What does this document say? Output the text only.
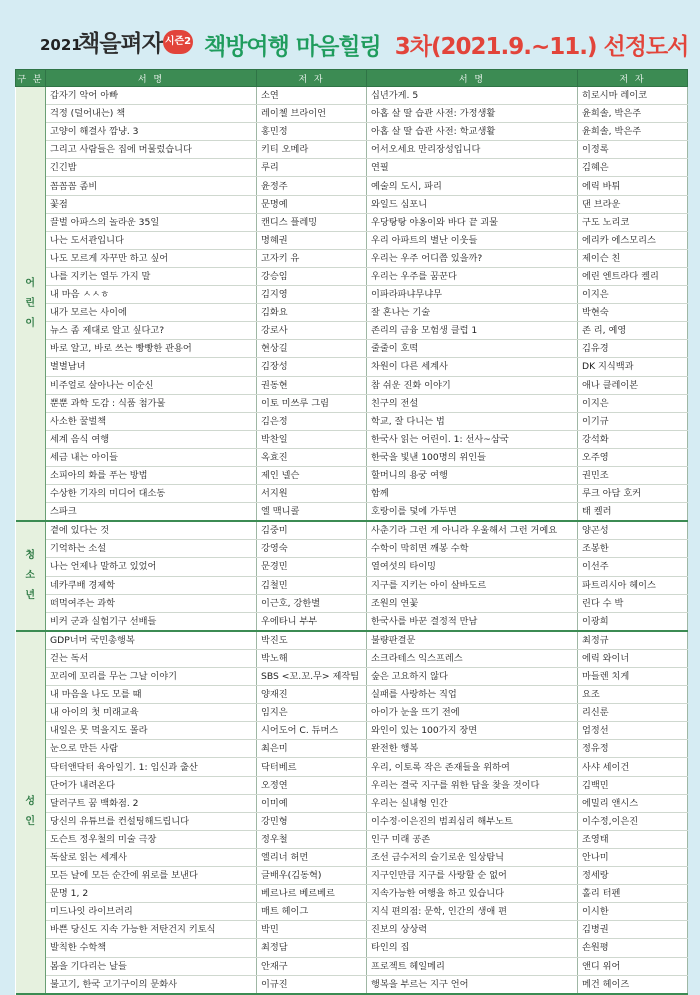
2021
책을펴자 시즌2 책방여행 마음힐링 3차(2021.9.~11.) 선정도서
구 분	서 명	저 자	서 명	저 자
어
린
이	갑자기 악어 아빠	소연	십년가게. 5	히로시마 레이코
	걱정 (덜어내는) 책	레이첼 브라이언	아홉 살 딸 습관 사전: 가정생활	윤희솔, 박은주
	고양이 해결사 깜냥. 3	홍민정	아홉 살 딸 습관 사전: 학교생활	윤희솔, 박은주
	그리고 사람들은 집에 머물렀습니다	키티 오메라	어서오세요 만리장성입니다	이정록
	긴긴밤	루리	연필	김혜은
	꼼꼼꼼 좀비	윤정주	예술의 도시, 파리	에릭 바튀
	꽃점	문명예	와일드 심포니	댄 브라운
	끌벌 아파스의 놀라운 35일	캔디스 플레밍	우당탕탕 야옹이와 바다 끝 괴물	구도 노리코
	나는 도서관입니다	명혜권	우리 아파트의 별난 이웃들	에리카 에스모리스
	나도 모르게 자꾸만 하고 싶어	고자키 유	우리는 우주 어디쯤 있을까?	제이슨 친
	나를 지키는 열두 가지 말	강승임	우리는 우주를 꿈꾼다	에린 엔트라다 켈리
	내 마음 ㅅㅅㅎ	김지영	이파라파냐무냐무	이지은
	내가 모르는 사이에	김화요	잘 혼나는 기술	박현숙
	뉴스 좀 제대로 알고 싶다고?	강로사	존리의 금융 모험생 클럽 1	존 리, 예영
	바로 알고, 바로 쓰는 빵빵한 관용어	현상길	줄줄이 호떡	김유경
	별별남녀	김장성	차원이 다른 세계사	DK 지식백과
	비주얼로 살아나는 이순신	권동현	참 쉬운 진화 이야기	애나 클레이본
	뿐뿐 과학 도감 : 식품 첨가물	이토 미쓰루 그림	친구의 전설	이지은
	사소한 꿀벌책	김은정	학교, 잘 다니는 법	이기규
	세계 음식 여행	박찬일	한국사 읽는 어린이. 1: 선사~삼국	강석화
	세금 내는 아이들	옥효진	한국을 빛낸 100명의 위인들	오주영
	소피아의 화를 푸는 방법	제인 넬슨	할머니의 용궁 여행	권민조
	수상한 기자의 미디어 대소동	서지원	함께	루크 아담 호커
	스파크	엘 맥니콜	호랑이를 덫에 가두면	태 켈러
청
소
년	곁에 있다는 것	김중미	사춘기라 그런 게 아니라 우울해서 그런 거예요	양곤성
	기억하는 소설	강영숙	수학이 막히면 깨봉 수학	조봉한
	나는 언제나 말하고 있었어	문경민	열여섯의 타이밍	이선주
	네카쿠배 경제학	김철민	지구를 지키는 아이 살바도르	파트리시아 헤이스
	떠먹여주는 과학	이근호, 강한별	조원의 연꽃	린다 수 박
	비커 군과 실험기구 선배들	우에타니 부부	한국사를 바꾼 결정적 만남	이광희
성
인	GDP너머 국민총행복	박진도	불량판결문	최정규
	걷는 독서	박노해	소크라테스 익스프레스	에릭 와이너
	꼬리에 꼬리를 무는 그날 이야기	SBS <꼬.꼬.무> 제작팀	숲은 고요하지 않다	마들렌 치게
	내 마음을 나도 모를 때	양재진	실패를 사랑하는 직업	요조
	내 아이의 첫 미래교육	임지은	아이가 눈을 뜨기 전에	리신룬
	내일은 못 먹을지도 몰라	시어도어 C. 듀머스	와인이 있는 100가지 장면	엄정선
	눈으로 만든 사람	최은미	완전한 행복	정유정
	닥터앤닥터 육아일기. 1: 임신과 출산	닥터베르	우리, 이토록 작은 존재들을 위하여	사샤 세이건
	단어가 내려온다	오정연	우리는 결국 지구를 위한 답을 찾을 것이다	김백민
	달러구트 꿈 백화점. 2	이미예	우리는 실내형 인간	에밀리 앤시스
	당신의 유튜브를 컨설팅해드립니다	강민형	이수정·이은진의 범죄심리 해부노트	이수정,이은진
	도슨트 정우철의 미술 극장	정우철	인구 미래 공존	조영태
	독살로 읽는 세계사	엘리너 허먼	조선 금수저의 슬기로운 일상탐닉	안나미
	모든 날에 모든 순간에 위로를 보낸다	글배우(김동혁)	지구인만큼 지구를 사랑할 순 없어	정세랑
	문명 1, 2	베르나르 베르베르	지속가능한 여행을 하고 있습니다	홀리 터펜
	미드나잇 라이브러리	매트 헤이그	지식 편의점: 문학, 인간의 생애 편	이시한
	바쁜 당신도 지속 가능한 저탄건지 키토식	박민	진보의 상상력	김병권
	발칙한 수학책	최정담	타인의 집	손원평
	봄을 기다리는 날들	안재구	프로젝트 헤일메리	앤디 위어
	불고기, 한국 고기구이의 문화사	이규진	행복을 부르는 지구 언어	메건 헤이즈
